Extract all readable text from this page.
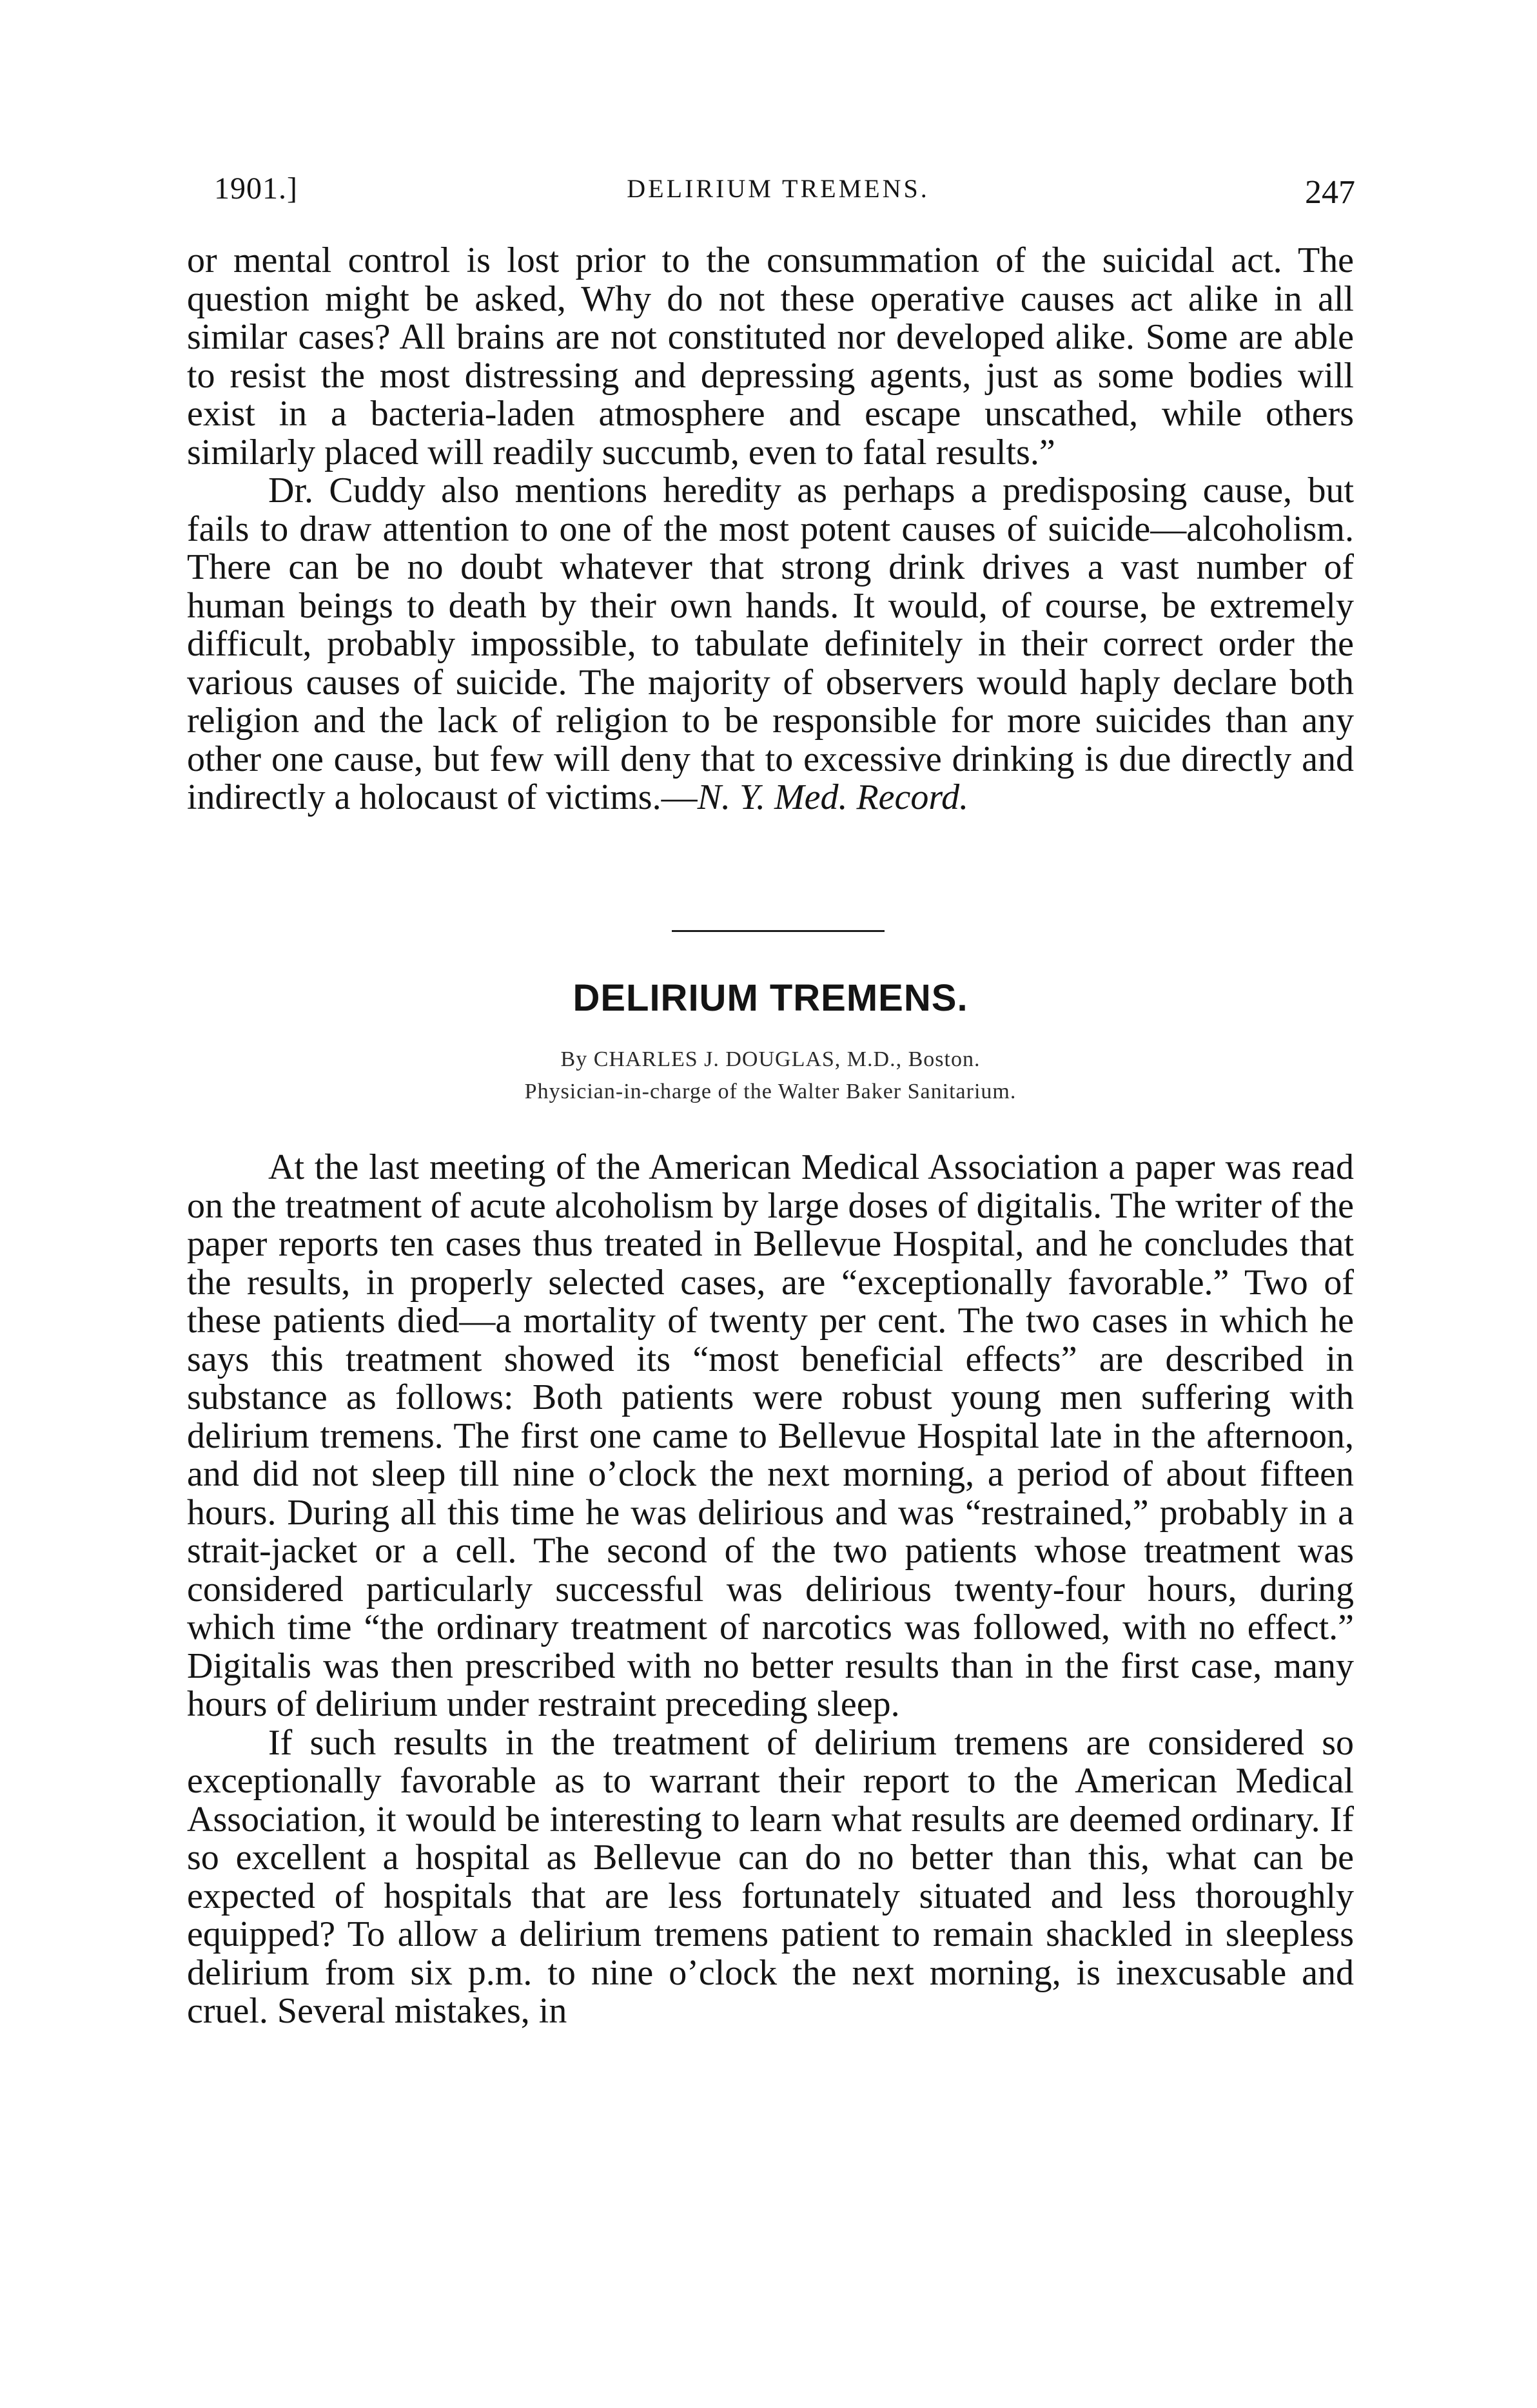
1901.]	DELIRIUM TREMENS.	247

or mental control is lost prior to the consummation of the suicidal act. The question might be asked, Why do not these operative causes act alike in all similar cases? All brains are not constituted nor developed alike. Some are able to resist the most distressing and depressing agents, just as some bodies will exist in a bacteria-laden atmosphere and escape unscathed, while others similarly placed will readily succumb, even to fatal results.”

Dr. Cuddy also mentions heredity as perhaps a predisposing cause, but fails to draw attention to one of the most potent causes of suicide—alcoholism. There can be no doubt whatever that strong drink drives a vast number of human beings to death by their own hands. It would, of course, be extremely difficult, probably impossible, to tabulate definitely in their correct order the various causes of suicide. The majority of observers would haply declare both religion and the lack of religion to be responsible for more suicides than any other one cause, but few will deny that to excessive drinking is due directly and indirectly a holocaust of victims.—N. Y. Med. Record.

DELIRIUM TREMENS.
By CHARLES J. DOUGLAS, M.D., Boston.
Physician-in-charge of the Walter Baker Sanitarium.

At the last meeting of the American Medical Association a paper was read on the treatment of acute alcoholism by large doses of digitalis. The writer of the paper reports ten cases thus treated in Bellevue Hospital, and he concludes that the results, in properly selected cases, are “exceptionally favorable.” Two of these patients died—a mortality of twenty per cent. The two cases in which he says this treatment showed its “most beneficial effects” are described in substance as follows: Both patients were robust young men suffering with delirium tremens. The first one came to Bellevue Hospital late in the afternoon, and did not sleep till nine o’clock the next morning, a period of about fifteen hours. During all this time he was delirious and was “restrained,” probably in a strait-jacket or a cell. The second of the two patients whose treatment was considered particularly successful was delirious twenty-four hours, during which time “the ordinary treatment of narcotics was followed, with no effect.” Digitalis was then prescribed with no better results than in the first case, many hours of delirium under restraint preceding sleep.

If such results in the treatment of delirium tremens are considered so exceptionally favorable as to warrant their report to the American Medical Association, it would be interesting to learn what results are deemed ordinary. If so excellent a hospital as Bellevue can do no better than this, what can be expected of hospitals that are less fortunately situated and less thoroughly equipped? To allow a delirium tremens patient to remain shackled in sleepless delirium from six p.m. to nine o’clock the next morning, is inexcusable and cruel. Several mistakes, in
